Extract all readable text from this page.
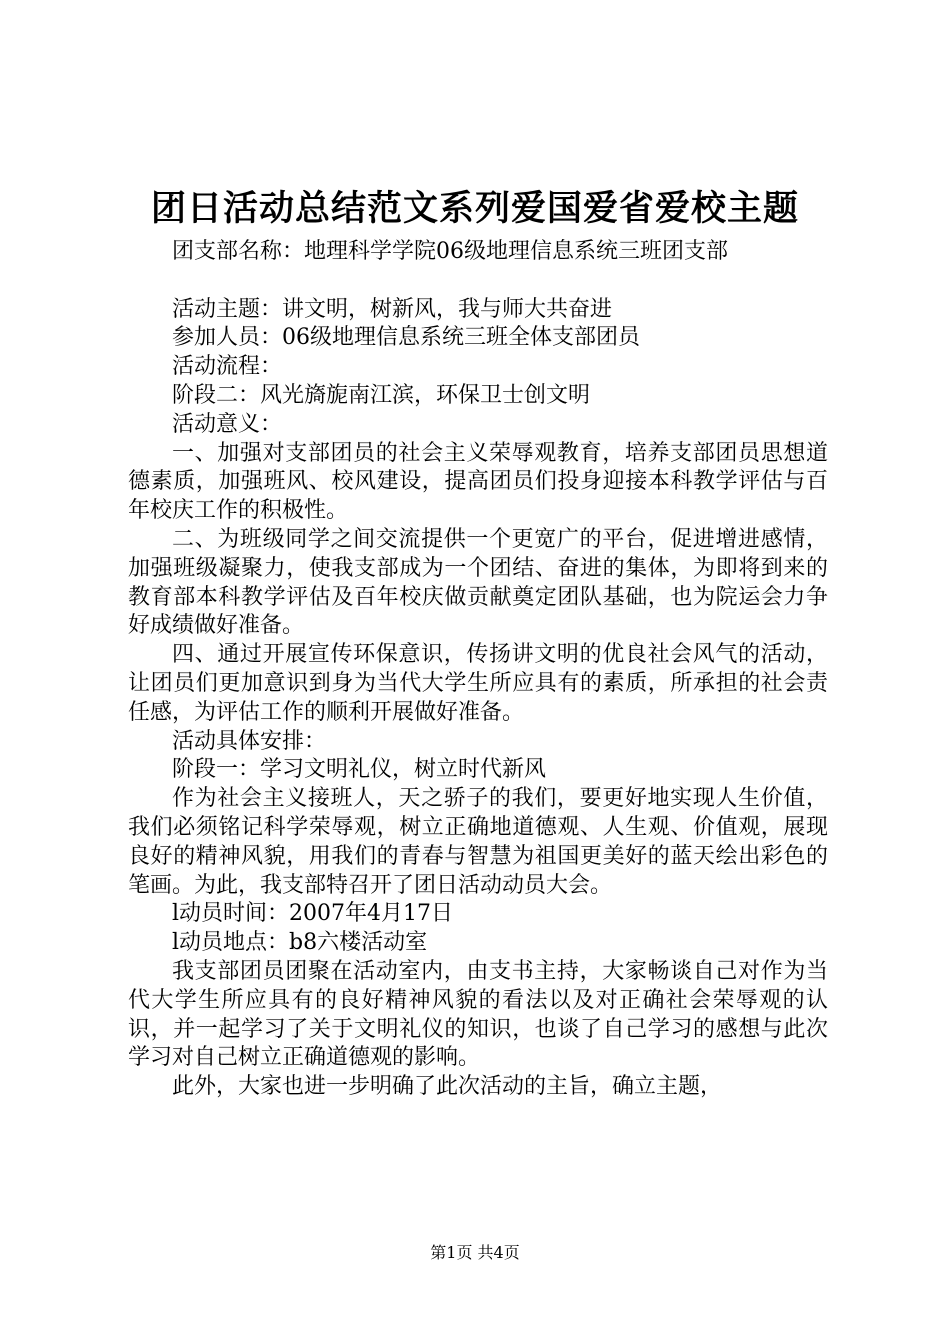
团日活动总结范文系列爱国爱省爱校主题

团支部名称：地理科学学院06级地理信息系统三班团支部

活动主题：讲文明，树新风，我与师大共奋进

参加人员：06级地理信息系统三班全体支部团员

活动流程：

阶段二：风光旖旎南江滨，环保卫士创文明

活动意义：

一、加强对支部团员的社会主义荣辱观教育，培养支部团员思想道德素质，加强班风、校风建设，提高团员们投身迎接本科教学评估与百年校庆工作的积极性。

二、为班级同学之间交流提供一个更宽广的平台，促进增进感情，加强班级凝聚力，使我支部成为一个团结、奋进的集体，为即将到来的教育部本科教学评估及百年校庆做贡献奠定团队基础，也为院运会力争好成绩做好准备。

四、通过开展宣传环保意识，传扬讲文明的优良社会风气的活动，让团员们更加意识到身为当代大学生所应具有的素质，所承担的社会责任感，为评估工作的顺利开展做好准备。

活动具体安排：

阶段一：学习文明礼仪，树立时代新风

作为社会主义接班人，天之骄子的我们，要更好地实现人生价值，我们必须铭记科学荣辱观，树立正确地道德观、人生观、价值观，展现良好的精神风貌，用我们的青春与智慧为祖国更美好的蓝天绘出彩色的笔画。为此，我支部特召开了团日活动动员大会。

l动员时间：2007年4月17日

l动员地点：b8六楼活动室

我支部团员团聚在活动室内，由支书主持，大家畅谈自己对作为当代大学生所应具有的良好精神风貌的看法以及对正确社会荣辱观的认识，并一起学习了关于文明礼仪的知识，也谈了自己学习的感想与此次学习对自己树立正确道德观的影响。

此外，大家也进一步明确了此次活动的主旨，确立主题，

第1页 共4页
